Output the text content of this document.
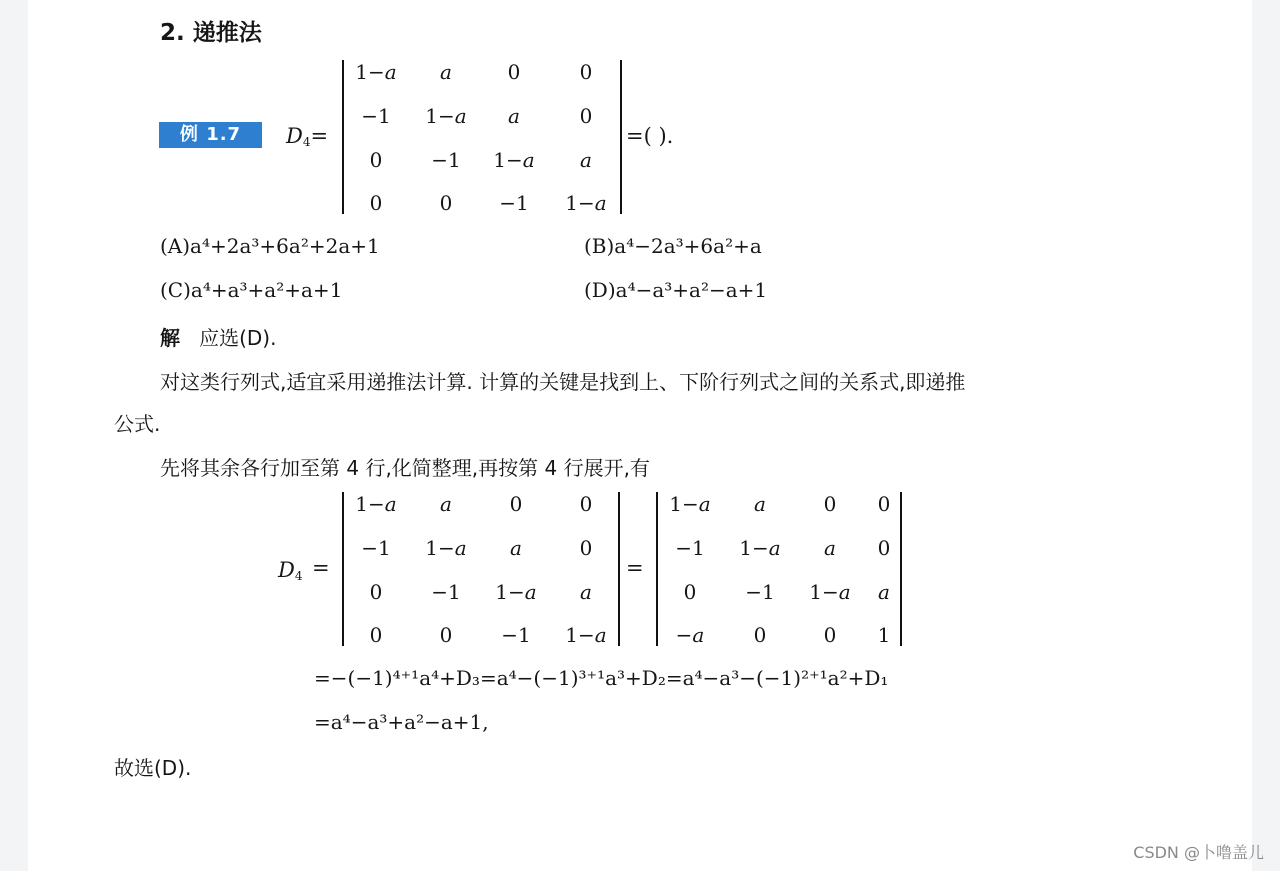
2. 递推法
例 1.7	$D_4=$
1−a	a	0	0
−1	1−a	a	0
0	−1	1−a	a
0	0	−1	1−a
=( ).
(A)a⁴+2a³+6a²+2a+1	(B)a⁴−2a³+6a²+a
(C)a⁴+a³+a²+a+1	(D)a⁴−a³+a²−a+1
解 应选(D).
对这类行列式,适宜采用递推法计算. 计算的关键是找到上、下阶行列式之间的关系式,即递推
公式.
先将其余各行加至第 4 行,化简整理,再按第 4 行展开,有
$D_4$ =
1−a	a	0	0
−1	1−a	a	0
0	−1	1−a	a
0	0	−1	1−a
=
1−a	a	0	0
−1	1−a	a	0
0	−1	1−a	a
−a	0	0	1
=−(−1)⁴⁺¹a⁴+D₃=a⁴−(−1)³⁺¹a³+D₂=a⁴−a³−(−1)²⁺¹a²+D₁
=a⁴−a³+a²−a+1,
故选(D).
CSDN @卜噜盖儿
